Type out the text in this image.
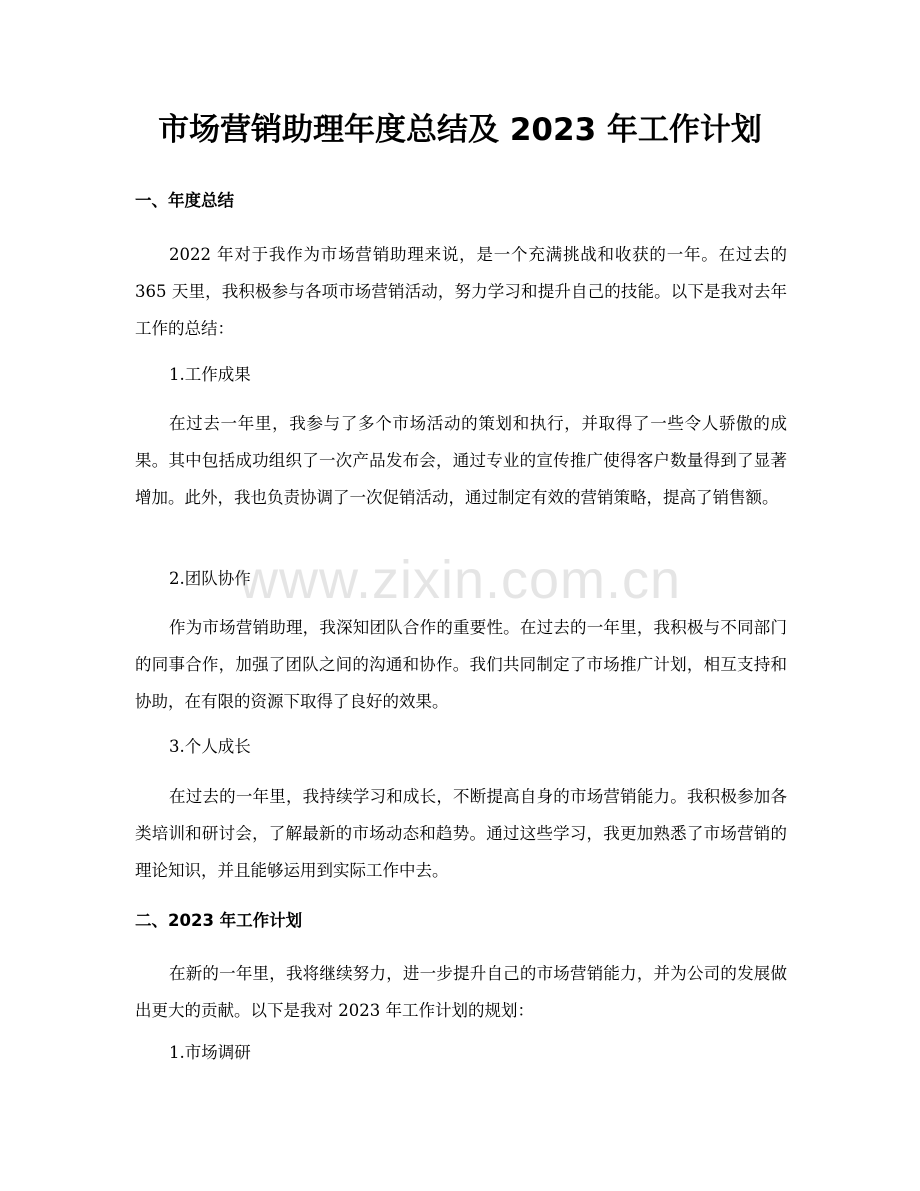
市场营销助理年度总结及 2023 年工作计划
一、年度总结

2022 年对于我作为市场营销助理来说，是一个充满挑战和收获的一年。在过去的 365 天里，我积极参与各项市场营销活动，努力学习和提升自己的技能。以下是我对去年工作的总结：

1.工作成果

在过去一年里，我参与了多个市场活动的策划和执行，并取得了一些令人骄傲的成果。其中包括成功组织了一次产品发布会，通过专业的宣传推广使得客户数量得到了显著增加。此外，我也负责协调了一次促销活动，通过制定有效的营销策略，提高了销售额。

2.团队协作

作为市场营销助理，我深知团队合作的重要性。在过去的一年里，我积极与不同部门的同事合作，加强了团队之间的沟通和协作。我们共同制定了市场推广计划，相互支持和协助，在有限的资源下取得了良好的效果。

3.个人成长

在过去的一年里，我持续学习和成长，不断提高自身的市场营销能力。我积极参加各类培训和研讨会，了解最新的市场动态和趋势。通过这些学习，我更加熟悉了市场营销的理论知识，并且能够运用到实际工作中去。

二、2023 年工作计划

在新的一年里，我将继续努力，进一步提升自己的市场营销能力，并为公司的发展做出更大的贡献。以下是我对 2023 年工作计划的规划：

1.市场调研
www.zixin.com.cn
